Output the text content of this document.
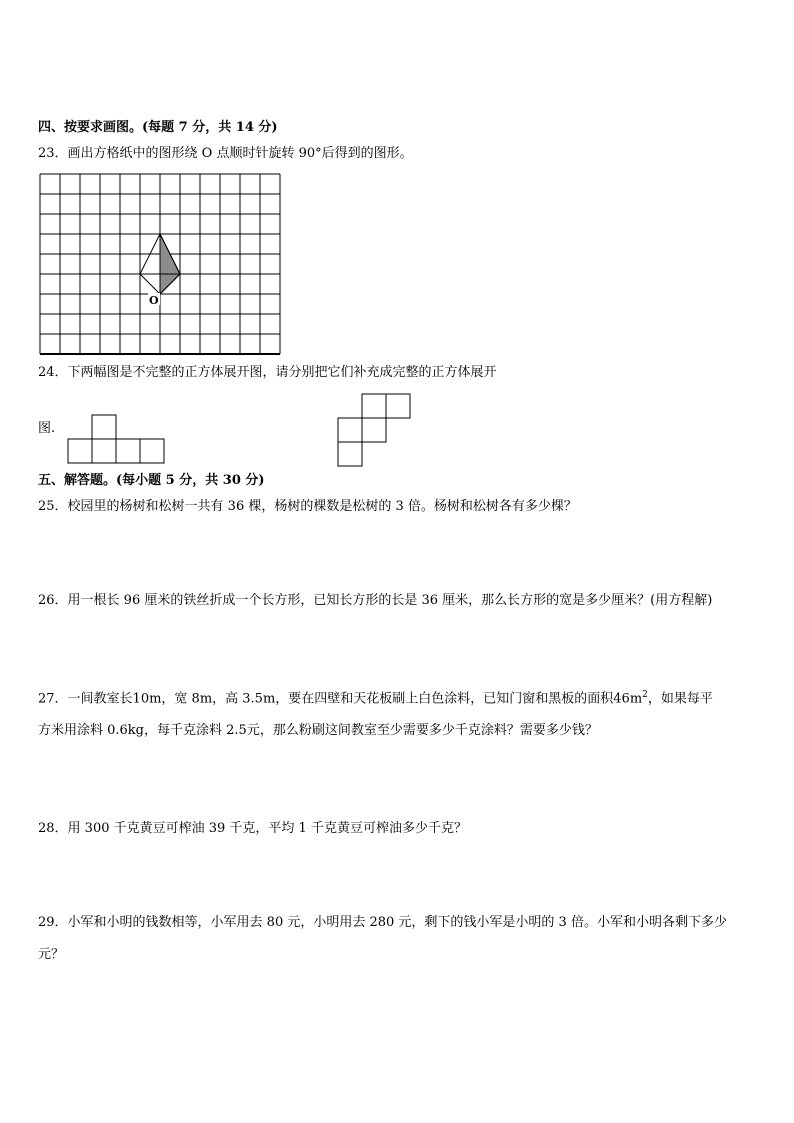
四、按要求画图。(每题 7 分，共 14 分)
23．画出方格纸中的图形绕 O 点顺时针旋转 90°后得到的图形。
O
24．下两幅图是不完整的正方体展开图，请分别把它们补充成完整的正方体展开
图.
五、解答题。(每小题 5 分，共 30 分)
25．校园里的杨树和松树一共有 36 棵，杨树的棵数是松树的 3 倍。杨树和松树各有多少棵？
26．用一根长 96 厘米的铁丝折成一个长方形，已知长方形的长是 36 厘米，那么长方形的宽是多少厘米？(用方程解)
27．一间教室长10m，宽 8m，高 3.5m，要在四壁和天花板刷上白色涂料，已知门窗和黑板的面积$46m^2$，如果每平
方米用涂料 0.6kg，每千克涂料 2.5元，那么粉刷这间教室至少需要多少千克涂料？需要多少钱？
28．用 300 千克黄豆可榨油 39 千克，平均 1 千克黄豆可榨油多少千克？
29．小军和小明的钱数相等，小军用去 80 元，小明用去 280 元，剩下的钱小军是小明的 3 倍。小军和小明各剩下多少
元？
